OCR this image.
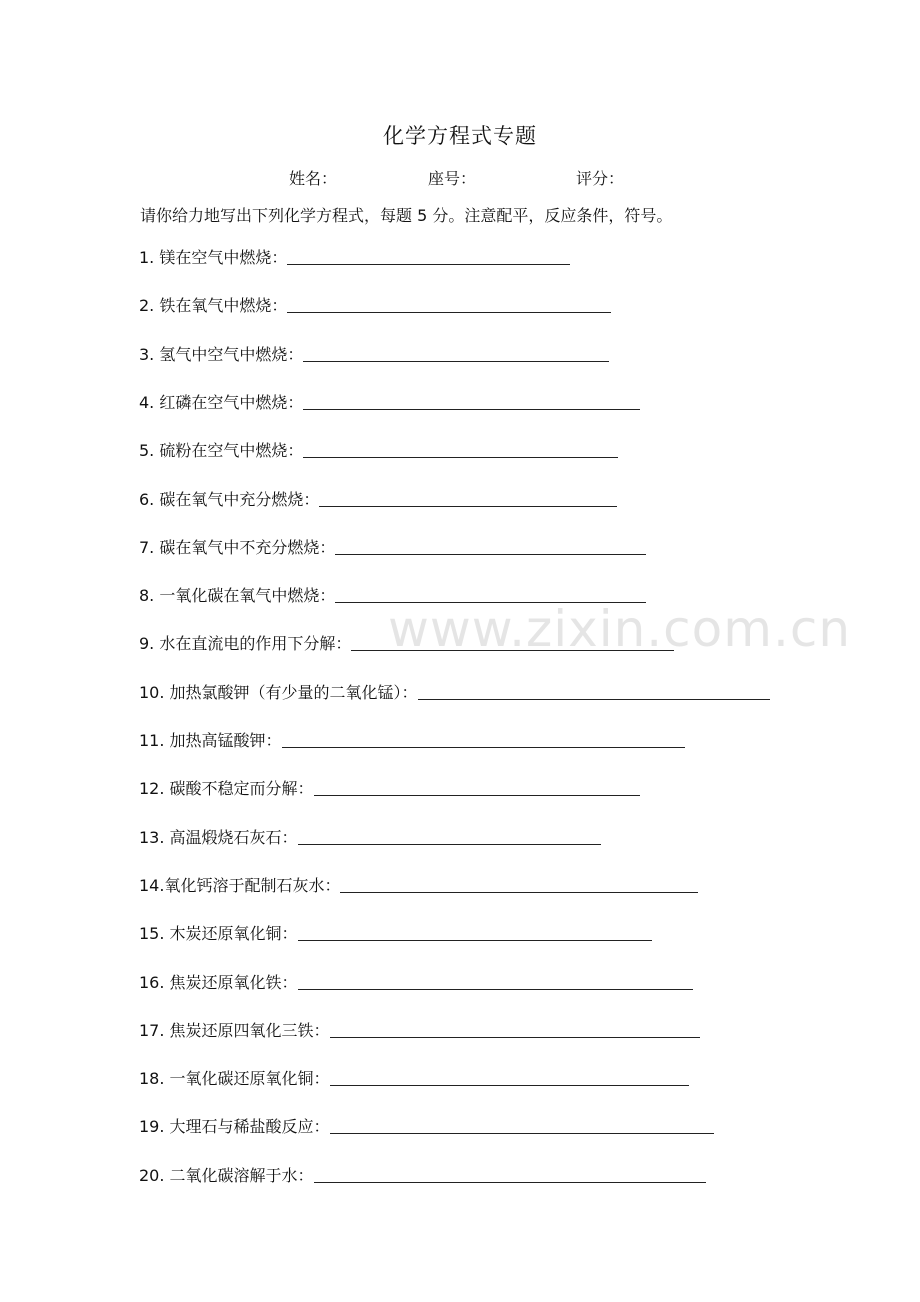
化学方程式专题
姓名：	座号：	评分：
请你给力地写出下列化学方程式，每题 5 分。注意配平，反应条件，符号。
1. 镁在空气中燃烧：
2. 铁在氧气中燃烧：
3. 氢气中空气中燃烧：
4. 红磷在空气中燃烧：
5. 硫粉在空气中燃烧：
6. 碳在氧气中充分燃烧：
7. 碳在氧气中不充分燃烧：
8. 一氧化碳在氧气中燃烧：
9. 水在直流电的作用下分解：
10. 加热氯酸钾（有少量的二氧化锰）：
11. 加热高锰酸钾：
12. 碳酸不稳定而分解：
13. 高温煅烧石灰石：
14.氧化钙溶于配制石灰水：
15. 木炭还原氧化铜：
16. 焦炭还原氧化铁：
17. 焦炭还原四氧化三铁：
18. 一氧化碳还原氧化铜：
19. 大理石与稀盐酸反应：
20. 二氧化碳溶解于水：
www.zixin.com.cn
